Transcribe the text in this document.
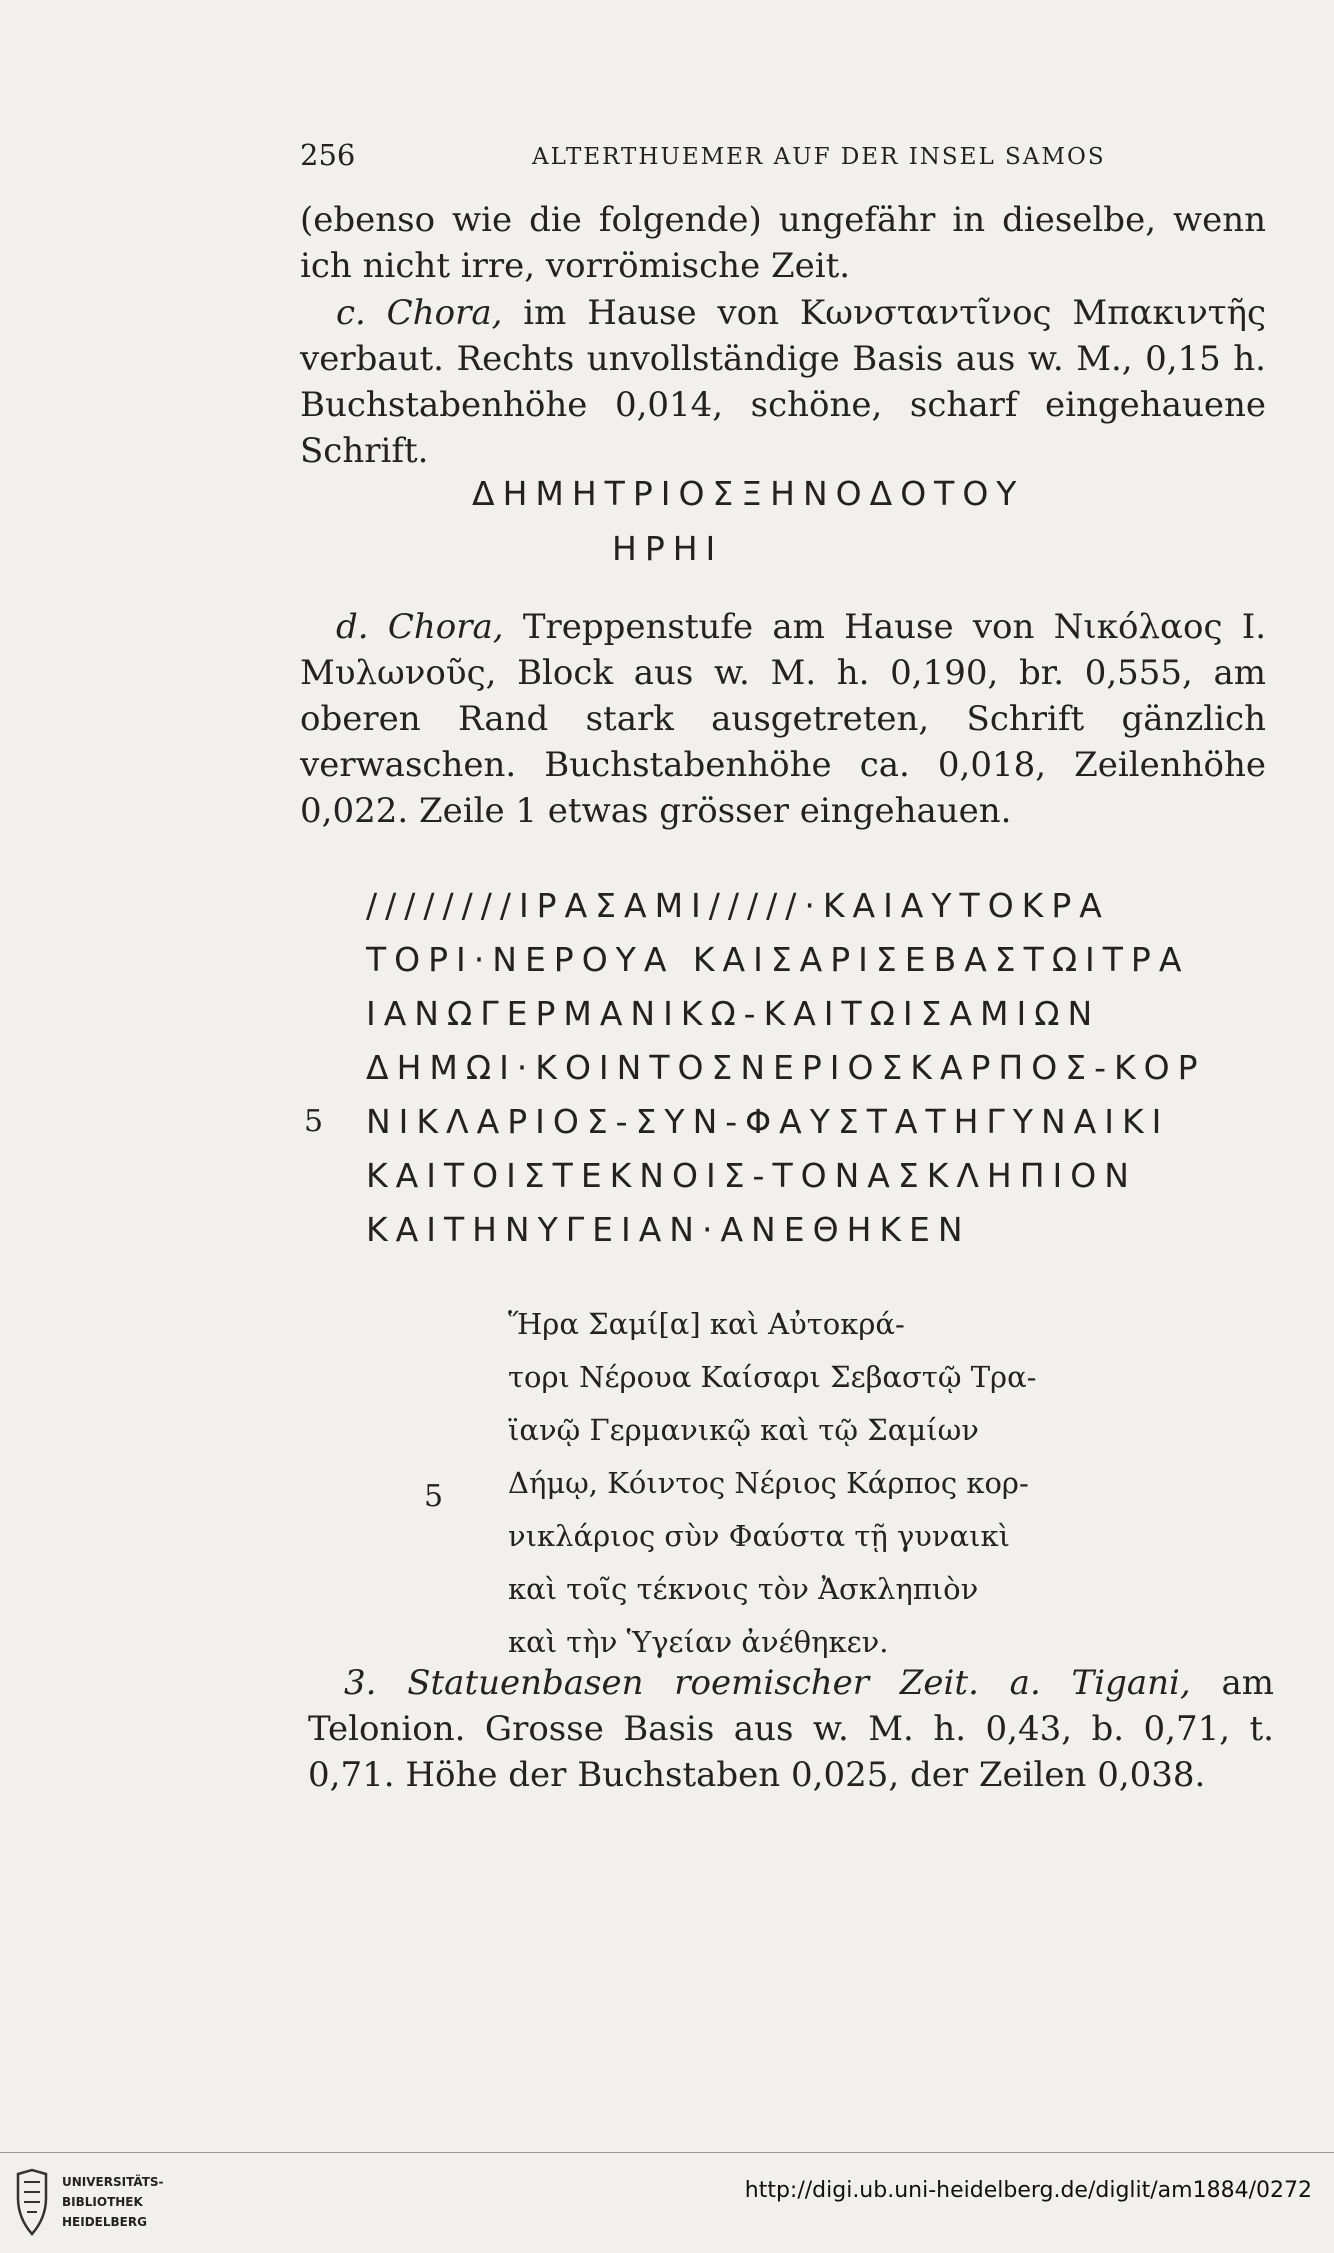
256	ALTERTHUEMER AUF DER INSEL SAMOS

(ebenso wie die folgende) ungefähr in dieselbe, wenn ich nicht irre, vorrömische Zeit.

c. Chora, im Hause von Κωνσταντῖνος Μπακιντῆς verbaut. Rechts unvollständige Basis aus w. M., 0,15 h. Buchstabenhöhe 0,014, schöne, scharf eingehauene Schrift.

ΔΗΜΗΤΡΙΟΣΞΗΝΟΔΟΤΟΥ
ΗΡΗΙ

d. Chora, Treppenstufe am Hause von Νικόλαος Ι. Μυλωνοῦς, Block aus w. M. h. 0,190, br. 0,555, am oberen Rand stark ausgetreten, Schrift gänzlich verwaschen. Buchstabenhöhe ca. 0,018, Zeilenhöhe 0,022. Zeile 1 etwas grösser eingehauen.

////////ΙΡΑΣΑΜΙ/////·ΚΑΙΑΥΤΟΚΡΑ
ΤΟΡΙ·ΝΕΡΟΥΑ ΚΑΙΣΑΡΙΣΕΒΑΣΤΩΙΤΡΑ
ΙΑΝΩΓΕΡΜΑΝΙΚΩ-ΚΑΙΤΩΙΣΑΜΙΩΝ
ΔΗΜΩΙ·ΚΟΙΝΤΟΣΝΕΡΙΟΣΚΑΡΠΟΣ-ΚΟΡ
ΝΙΚΛΑΡΙΟΣ-ΣΥΝ-ΦΑΥΣΤΑΤΗΓΥΝΑΙΚΙ
ΚΑΙΤΟΙΣΤΕΚΝΟΙΣ-ΤΟΝΑΣΚΛΗΠΙΟΝ
ΚΑΙΤΗΝΥΓΕΙΑΝ·ΑΝΕΘΗΚΕΝ
5
Ἥρα Σαμί[α] καὶ Αὐτοκρά-
τορι Νέρουα Καίσαρι Σεβαστῷ Τρα-
ϊανῷ Γερμανικῷ καὶ τῷ Σαμίων
Δήμῳ, Κόιντος Νέριος Κάρπος κορ-
νικλάριος σὺν Φαύστα τῇ γυναικὶ
καὶ τοῖς τέκνοις τὸν Ἀσκληπιὸν
καὶ τὴν Ὑγείαν ἀνέθηκεν.
5

3. Statuenbasen roemischer Zeit. a. Tigani, am Telonion. Grosse Basis aus w. M. h. 0,43, b. 0,71, t. 0,71. Höhe der Buchstaben 0,025, der Zeilen 0,038.

UNIVERSITÄTS-
BIBLIOTHEK
HEIDELBERG
http://digi.ub.uni-heidelberg.de/diglit/am1884/0272
